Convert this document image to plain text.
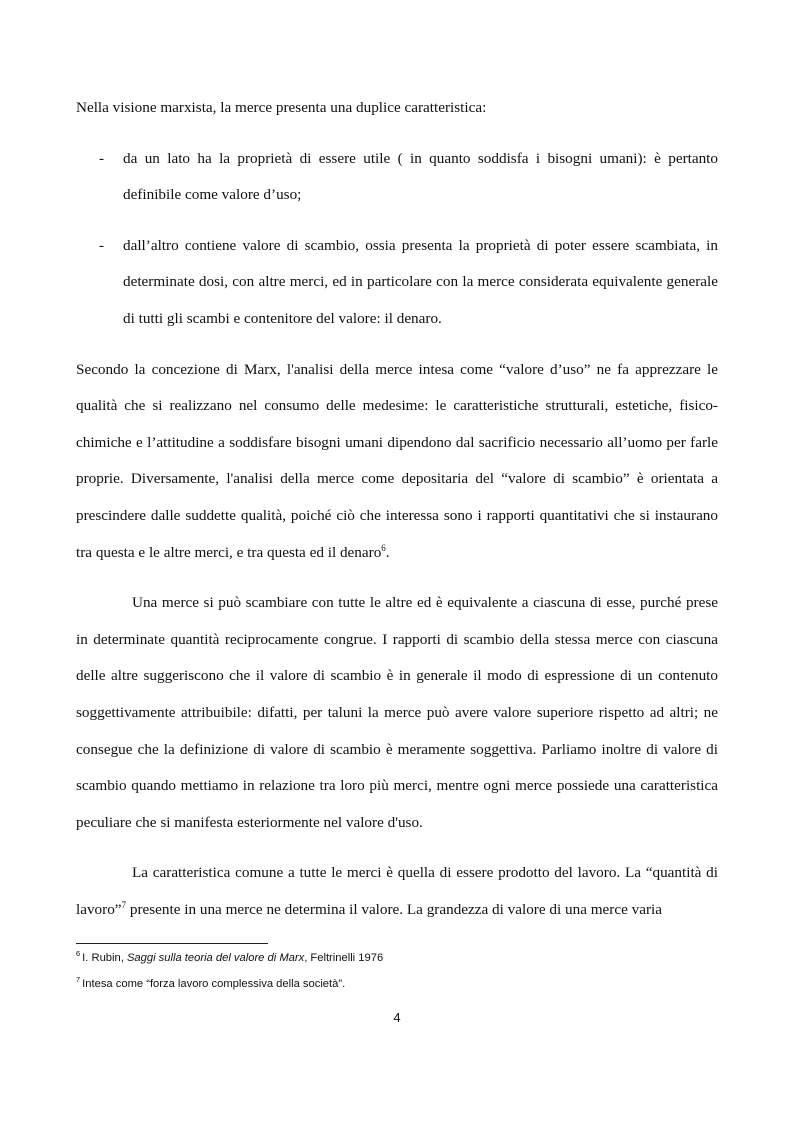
Nella visione marxista, la merce presenta una duplice caratteristica:

- da un lato ha la proprietà di essere utile ( in quanto soddisfa i bisogni umani): è pertanto definibile come valore d’uso;
- dall’altro contiene valore di scambio, ossia presenta la proprietà di poter essere scambiata, in determinate dosi, con altre merci, ed in particolare con la merce considerata equivalente generale di tutti gli scambi e contenitore del valore: il denaro.

Secondo la concezione di Marx, l'analisi della merce intesa come “valore d’uso” ne fa apprezzare le qualità che si realizzano nel consumo delle medesime: le caratteristiche strutturali, estetiche, fisico-chimiche e l’attitudine a soddisfare bisogni umani dipendono dal sacrificio necessario all’uomo per farle proprie. Diversamente, l'analisi della merce come depositaria del “valore di scambio” è orientata a prescindere dalle suddette qualità, poiché ciò che interessa sono i rapporti quantitativi che si instaurano tra questa e le altre merci, e tra questa ed il denaro$^6$.

Una merce si può scambiare con tutte le altre ed è equivalente a ciascuna di esse, purché prese in determinate quantità reciprocamente congrue. I rapporti di scambio della stessa merce con ciascuna delle altre suggeriscono che il valore di scambio è in generale il modo di espressione di un contenuto soggettivamente attribuibile: difatti, per taluni la merce può avere valore superiore rispetto ad altri; ne consegue che la definizione di valore di scambio è meramente soggettiva. Parliamo inoltre di valore di scambio quando mettiamo in relazione tra loro più merci, mentre ogni merce possiede una caratteristica peculiare che si manifesta esteriormente nel valore d'uso.

La caratteristica comune a tutte le merci è quella di essere prodotto del lavoro. La “quantità di lavoro”$^7$ presente in una merce ne determina il valore. La grandezza di valore di una merce varia

$^6$ I. Rubin, Saggi sulla teoria del valore di Marx, Feltrinelli 1976

$^7$ Intesa come “forza lavoro complessiva della società”.

4
